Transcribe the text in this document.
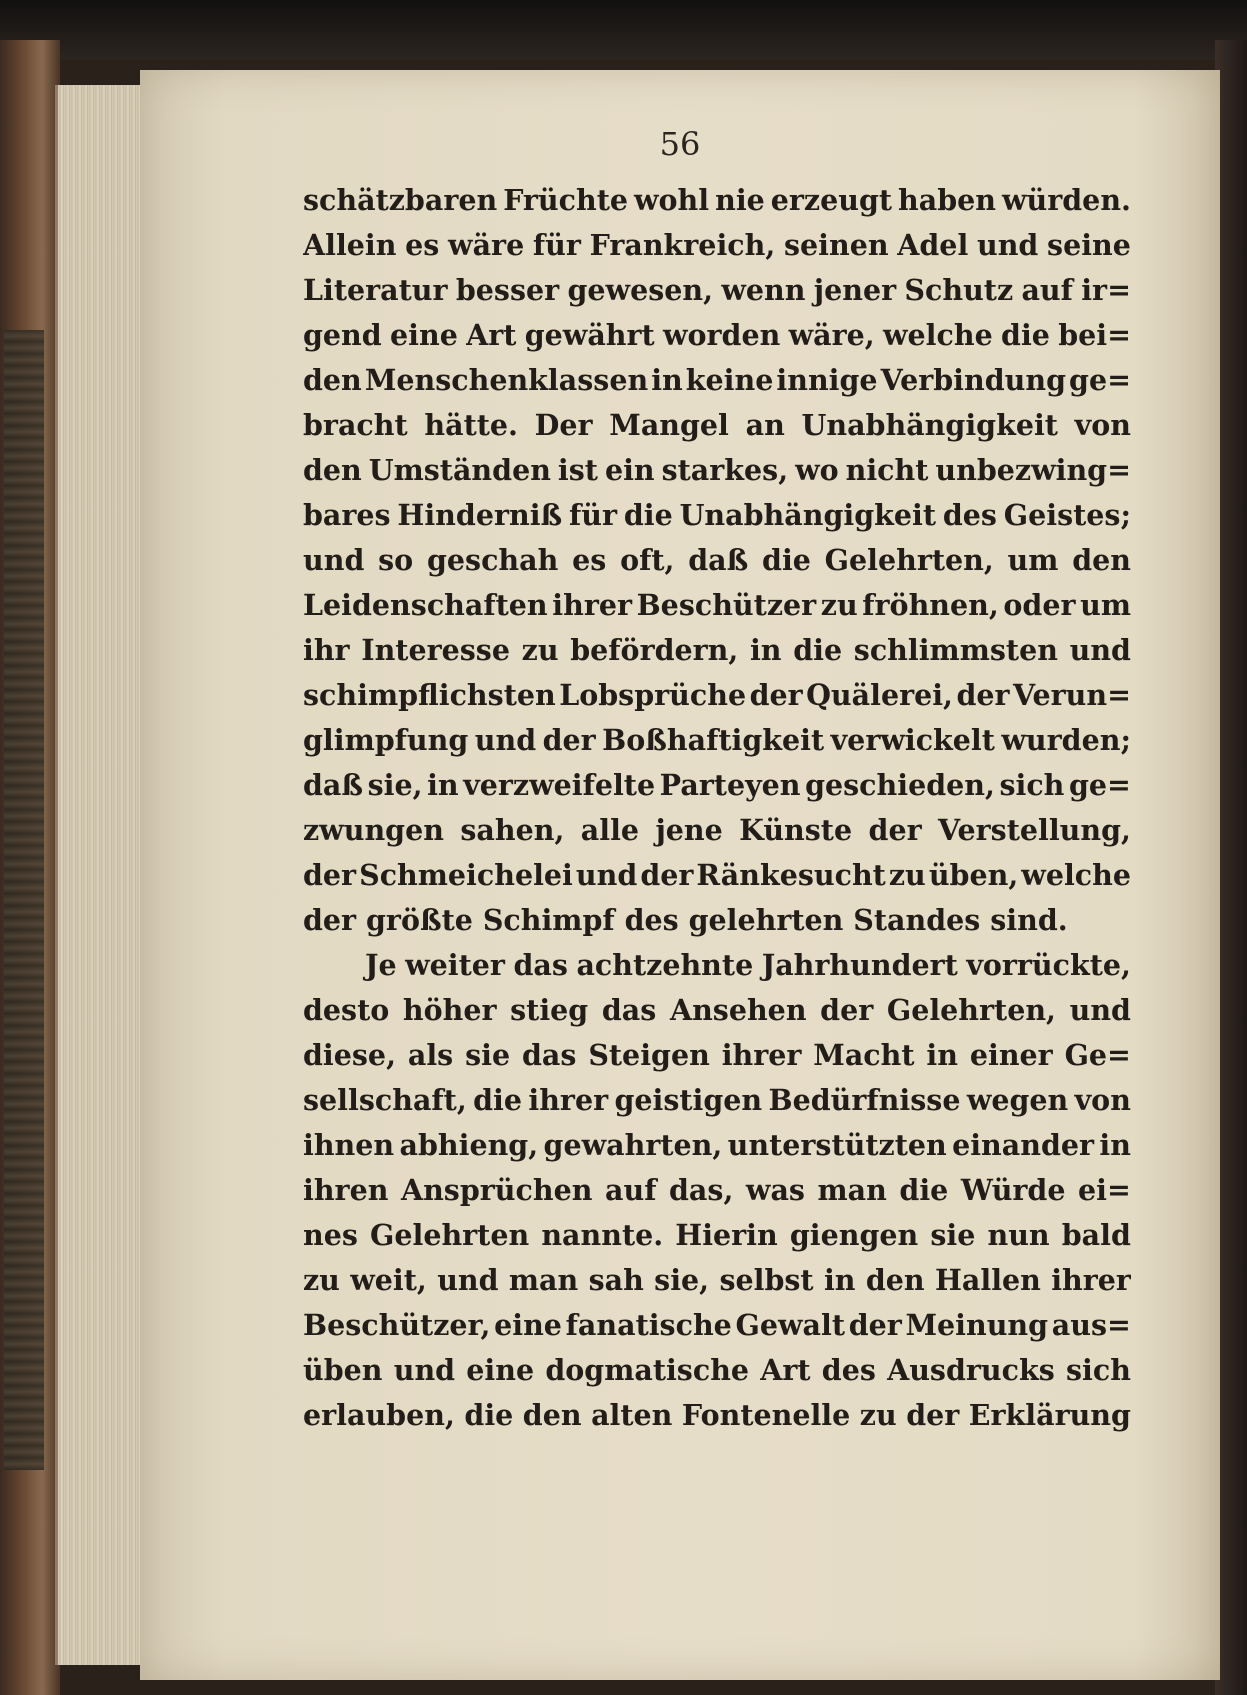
56
schätzbaren Früchte wohl nie erzeugt haben würden.
Allein es wäre für Frankreich, seinen Adel und seine
Literatur besser gewesen, wenn jener Schutz auf ir=
gend eine Art gewährt worden wäre, welche die bei=
den Menschenklassen in keine innige Verbindung ge=
bracht hätte. Der Mangel an Unabhängigkeit von
den Umständen ist ein starkes, wo nicht unbezwing=
bares Hinderniß für die Unabhängigkeit des Geistes;
und so geschah es oft, daß die Gelehrten, um den
Leidenschaften ihrer Beschützer zu fröhnen, oder um
ihr Interesse zu befördern, in die schlimmsten und
schimpflichsten Lobsprüche der Quälerei, der Verun=
glimpfung und der Boßhaftigkeit verwickelt wurden;
daß sie, in verzweifelte Parteyen geschieden, sich ge=
zwungen sahen, alle jene Künste der Verstellung,
der Schmeichelei und der Ränkesucht zu üben, welche
der größte Schimpf des gelehrten Standes sind.
Je weiter das achtzehnte Jahrhundert vorrückte,
desto höher stieg das Ansehen der Gelehrten, und
diese, als sie das Steigen ihrer Macht in einer Ge=
sellschaft, die ihrer geistigen Bedürfnisse wegen von
ihnen abhieng, gewahrten, unterstützten einander in
ihren Ansprüchen auf das, was man die Würde ei=
nes Gelehrten nannte. Hierin giengen sie nun bald
zu weit, und man sah sie, selbst in den Hallen ihrer
Beschützer, eine fanatische Gewalt der Meinung aus=
üben und eine dogmatische Art des Ausdrucks sich
erlauben, die den alten Fontenelle zu der Erklärung
